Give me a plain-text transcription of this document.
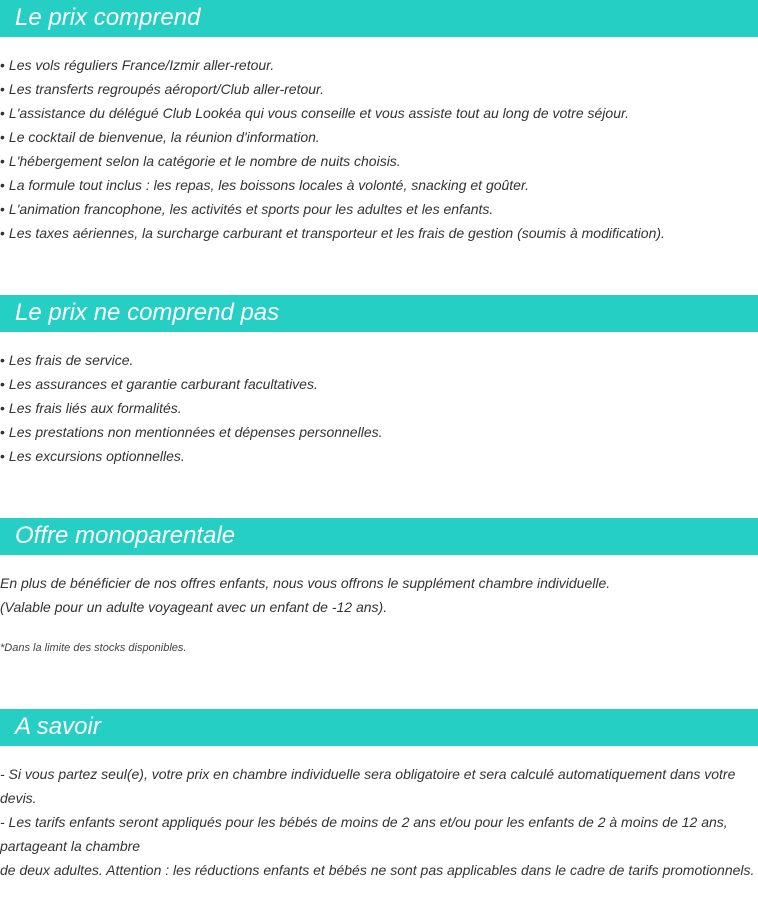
Le prix comprend
• Les vols réguliers France/Izmir aller-retour.
• Les transferts regroupés aéroport/Club aller-retour.
• L'assistance du délégué Club Lookéa qui vous conseille et vous assiste tout au long de votre séjour.
• Le cocktail de bienvenue, la réunion d'information.
• L'hébergement selon la catégorie et le nombre de nuits choisis.
• La formule tout inclus : les repas, les boissons locales à volonté, snacking et goûter.
• L'animation francophone, les activités et sports pour les adultes et les enfants.
• Les taxes aériennes, la surcharge carburant et transporteur et les frais de gestion (soumis à modification).
Le prix ne comprend pas
• Les frais de service.
• Les assurances et garantie carburant facultatives.
• Les frais liés aux formalités.
• Les prestations non mentionnées et dépenses personnelles.
• Les excursions optionnelles.
Offre monoparentale

En plus de bénéficier de nos offres enfants, nous vous offrons le supplément chambre individuelle.

(Valable pour un adulte voyageant avec un enfant de -12 ans).

*Dans la limite des stocks disponibles.

A savoir

- Si vous partez seul(e), votre prix en chambre individuelle sera obligatoire et sera calculé automatiquement dans votre devis.

- Les tarifs enfants seront appliqués pour les bébés de moins de 2 ans et/ou pour les enfants de 2 à moins de 12 ans, partageant la chambre

de deux adultes. Attention : les réductions enfants et bébés ne sont pas applicables dans le cadre de tarifs promotionnels.
